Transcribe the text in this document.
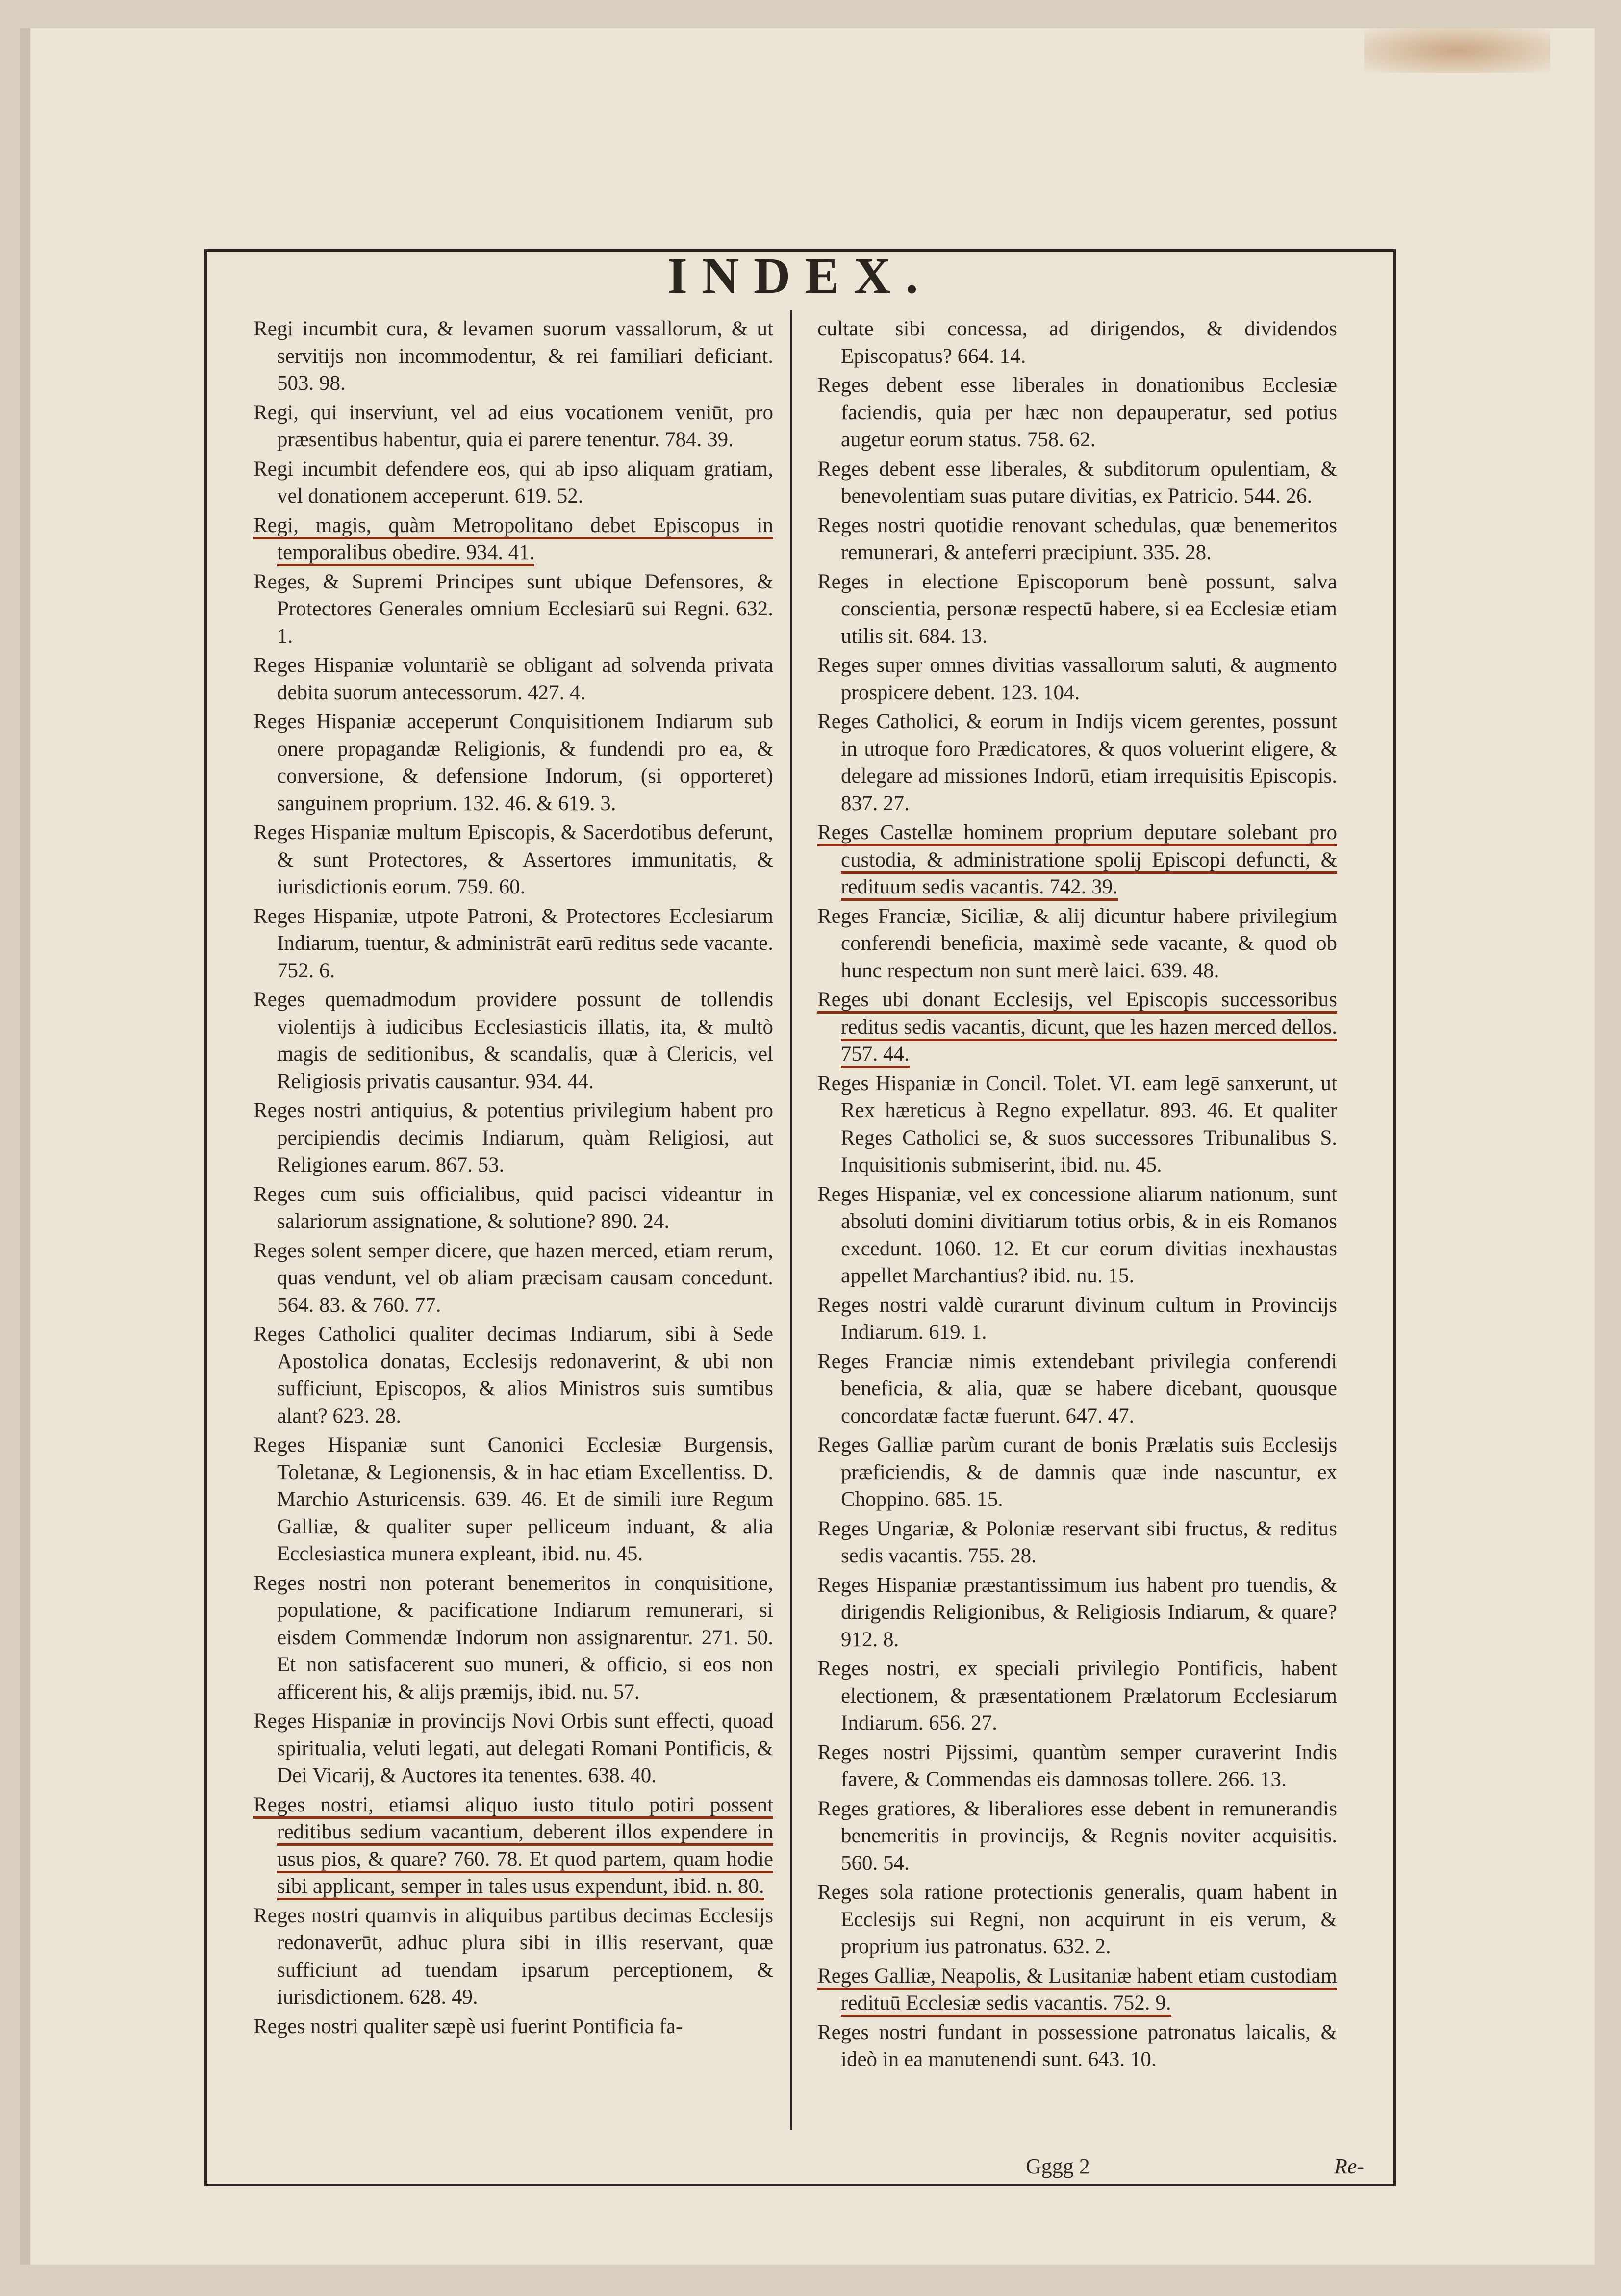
INDEX.

Regi incumbit cura, & levamen suorum vassallorum, & ut servitijs non incommodentur, & rei familiari deficiant. 503. 98.

Regi, qui inserviunt, vel ad eius vocationem veniūt, pro præsentibus habentur, quia ei parere tenentur. 784. 39.

Regi incumbit defendere eos, qui ab ipso aliquam gratiam, vel donationem acceperunt. 619. 52.

Regi, magis, quàm Metropolitano debet Episcopus in temporalibus obedire. 934. 41.

Reges, & Supremi Principes sunt ubique Defensores, & Protectores Generales omnium Ecclesiarū sui Regni. 632. 1.

Reges Hispaniæ voluntariè se obligant ad solvenda privata debita suorum antecessorum. 427. 4.

Reges Hispaniæ acceperunt Conquisitionem Indiarum sub onere propagandæ Religionis, & fundendi pro ea, & conversione, & defensione Indorum, (si opporteret) sanguinem proprium. 132. 46. & 619. 3.

Reges Hispaniæ multum Episcopis, & Sacerdotibus deferunt, & sunt Protectores, & Assertores immunitatis, & iurisdictionis eorum. 759. 60.

Reges Hispaniæ, utpote Patroni, & Protectores Ecclesiarum Indiarum, tuentur, & administrāt earū reditus sede vacante. 752. 6.

Reges quemadmodum providere possunt de tollendis violentijs à iudicibus Ecclesiasticis illatis, ita, & multò magis de seditionibus, & scandalis, quæ à Clericis, vel Religiosis privatis causantur. 934. 44.

Reges nostri antiquius, & potentius privilegium habent pro percipiendis decimis Indiarum, quàm Religiosi, aut Religiones earum. 867. 53.

Reges cum suis officialibus, quid pacisci videantur in salariorum assignatione, & solutione? 890. 24.

Reges solent semper dicere, que hazen merced, etiam rerum, quas vendunt, vel ob aliam præcisam causam concedunt. 564. 83. & 760. 77.

Reges Catholici qualiter decimas Indiarum, sibi à Sede Apostolica donatas, Ecclesijs redonaverint, & ubi non sufficiunt, Episcopos, & alios Ministros suis sumtibus alant? 623. 28.

Reges Hispaniæ sunt Canonici Ecclesiæ Burgensis, Toletanæ, & Legionensis, & in hac etiam Excellentiss. D. Marchio Asturicensis. 639. 46. Et de simili iure Regum Galliæ, & qualiter super pelliceum induant, & alia Ecclesiastica munera expleant, ibid. nu. 45.

Reges nostri non poterant benemeritos in conquisitione, populatione, & pacificatione Indiarum remunerari, si eisdem Commendæ Indorum non assignarentur. 271. 50. Et non satisfacerent suo muneri, & officio, si eos non afficerent his, & alijs præmijs, ibid. nu. 57.

Reges Hispaniæ in provincijs Novi Orbis sunt effecti, quoad spiritualia, veluti legati, aut delegati Romani Pontificis, & Dei Vicarij, & Auctores ita tenentes. 638. 40.

Reges nostri, etiamsi aliquo iusto titulo potiri possent reditibus sedium vacantium, deberent illos expendere in usus pios, & quare? 760. 78. Et quod partem, quam hodie sibi applicant, semper in tales usus expendunt, ibid. n. 80.

Reges nostri quamvis in aliquibus partibus decimas Ecclesijs redonaverūt, adhuc plura sibi in illis reservant, quæ sufficiunt ad tuendam ipsarum perceptionem, & iurisdictionem. 628. 49.

Reges nostri qualiter sæpè usi fuerint Pontificia fa-

cultate sibi concessa, ad dirigendos, & dividendos Episcopatus? 664. 14.

Reges debent esse liberales in donationibus Ecclesiæ faciendis, quia per hæc non depauperatur, sed potius augetur eorum status. 758. 62.

Reges debent esse liberales, & subditorum opulentiam, & benevolentiam suas putare divitias, ex Patricio. 544. 26.

Reges nostri quotidie renovant schedulas, quæ benemeritos remunerari, & anteferri præcipiunt. 335. 28.

Reges in electione Episcoporum benè possunt, salva conscientia, personæ respectū habere, si ea Ecclesiæ etiam utilis sit. 684. 13.

Reges super omnes divitias vassallorum saluti, & augmento prospicere debent. 123. 104.

Reges Catholici, & eorum in Indijs vicem gerentes, possunt in utroque foro Prædicatores, & quos voluerint eligere, & delegare ad missiones Indorū, etiam irrequisitis Episcopis. 837. 27.

Reges Castellæ hominem proprium deputare solebant pro custodia, & administratione spolij Episcopi defuncti, & redituum sedis vacantis. 742. 39.

Reges Franciæ, Siciliæ, & alij dicuntur habere privilegium conferendi beneficia, maximè sede vacante, & quod ob hunc respectum non sunt merè laici. 639. 48.

Reges ubi donant Ecclesijs, vel Episcopis successoribus reditus sedis vacantis, dicunt, que les hazen merced dellos. 757. 44.

Reges Hispaniæ in Concil. Tolet. VI. eam legē sanxerunt, ut Rex hæreticus à Regno expellatur. 893. 46. Et qualiter Reges Catholici se, & suos successores Tribunalibus S. Inquisitionis submiserint, ibid. nu. 45.

Reges Hispaniæ, vel ex concessione aliarum nationum, sunt absoluti domini divitiarum totius orbis, & in eis Romanos excedunt. 1060. 12. Et cur eorum divitias inexhaustas appellet Marchantius? ibid. nu. 15.

Reges nostri valdè curarunt divinum cultum in Provincijs Indiarum. 619. 1.

Reges Franciæ nimis extendebant privilegia conferendi beneficia, & alia, quæ se habere dicebant, quousque concordatæ factæ fuerunt. 647. 47.

Reges Galliæ parùm curant de bonis Prælatis suis Ecclesijs præficiendis, & de damnis quæ inde nascuntur, ex Choppino. 685. 15.

Reges Ungariæ, & Poloniæ reservant sibi fructus, & reditus sedis vacantis. 755. 28.

Reges Hispaniæ præstantissimum ius habent pro tuendis, & dirigendis Religionibus, & Religiosis Indiarum, & quare? 912. 8.

Reges nostri, ex speciali privilegio Pontificis, habent electionem, & præsentationem Prælatorum Ecclesiarum Indiarum. 656. 27.

Reges nostri Pijssimi, quantùm semper curaverint Indis favere, & Commendas eis damnosas tollere. 266. 13.

Reges gratiores, & liberaliores esse debent in remunerandis benemeritis in provincijs, & Regnis noviter acquisitis. 560. 54.

Reges sola ratione protectionis generalis, quam habent in Ecclesijs sui Regni, non acquirunt in eis verum, & proprium ius patronatus. 632. 2.

Reges Galliæ, Neapolis, & Lusitaniæ habent etiam custodiam redituū Ecclesiæ sedis vacantis. 752. 9.

Reges nostri fundant in possessione patronatus laicalis, & ideò in ea manutenendi sunt. 643. 10.

Gggg 2	Re-
